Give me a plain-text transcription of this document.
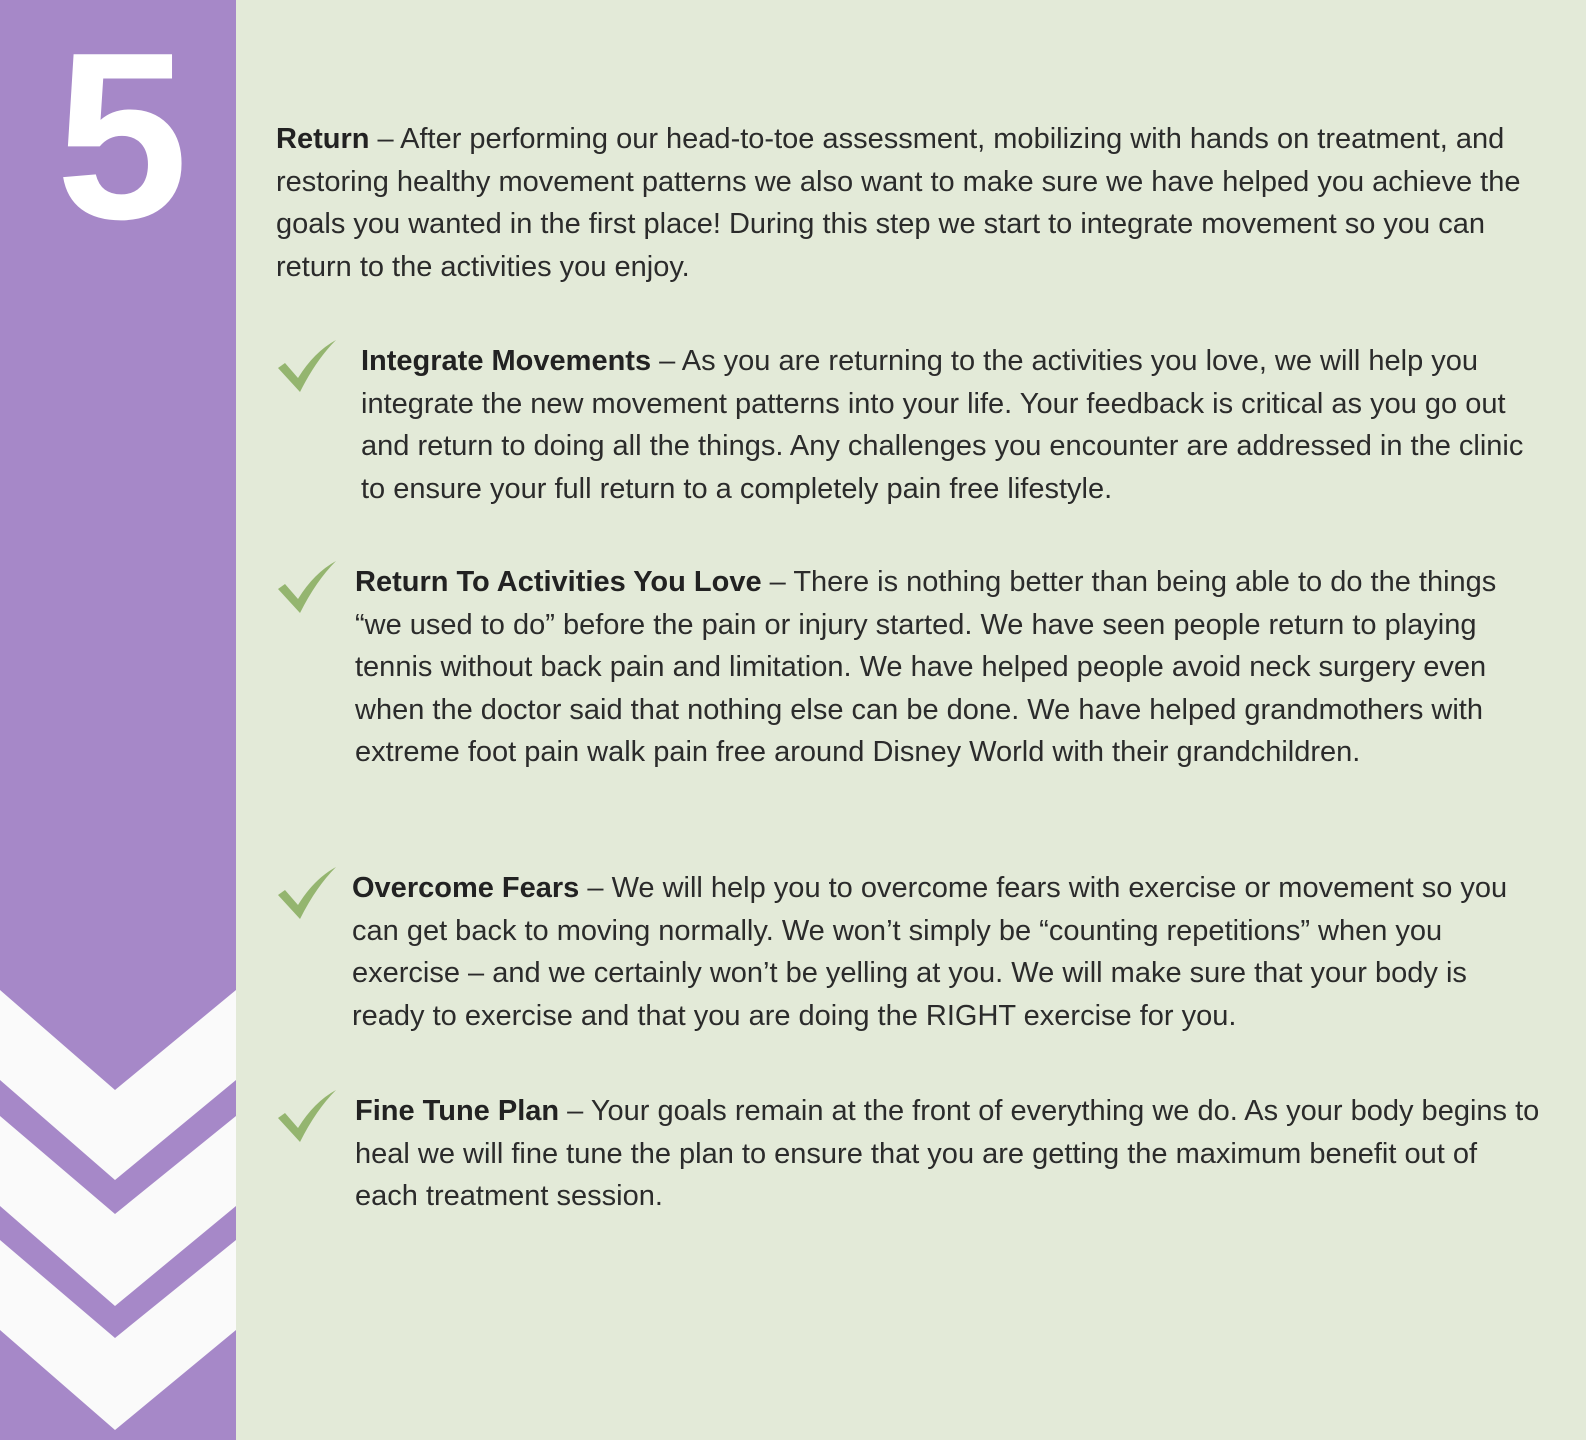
5	Return – After performing our head-to-toe assessment, mobilizing with hands on treatment, and restoring healthy movement patterns we also want to make sure we have helped you achieve the goals you wanted in the first place! During this step we start to integrate movement so you can return to the activities you enjoy.

Integrate Movements – As you are returning to the activities you love, we will help you integrate the new movement patterns into your life. Your feedback is critical as you go out and return to doing all the things. Any challenges you encounter are addressed in the clinic to ensure your full return to a completely pain free lifestyle.

Return To Activities You Love – There is nothing better than being able to do the things “we used to do” before the pain or injury started. We have seen people return to playing tennis without back pain and limitation. We have helped people avoid neck surgery even when the doctor said that nothing else can be done. We have helped grandmothers with extreme foot pain walk pain free around Disney World with their grandchildren.

Overcome Fears – We will help you to overcome fears with exercise or movement so you can get back to moving normally. We won’t simply be “counting repetitions” when you exercise – and we certainly won’t be yelling at you. We will make sure that your body is ready to exercise and that you are doing the RIGHT exercise for you.

Fine Tune Plan – Your goals remain at the front of everything we do. As your body begins to heal we will fine tune the plan to ensure that you are getting the maximum benefit out of each treatment session.
